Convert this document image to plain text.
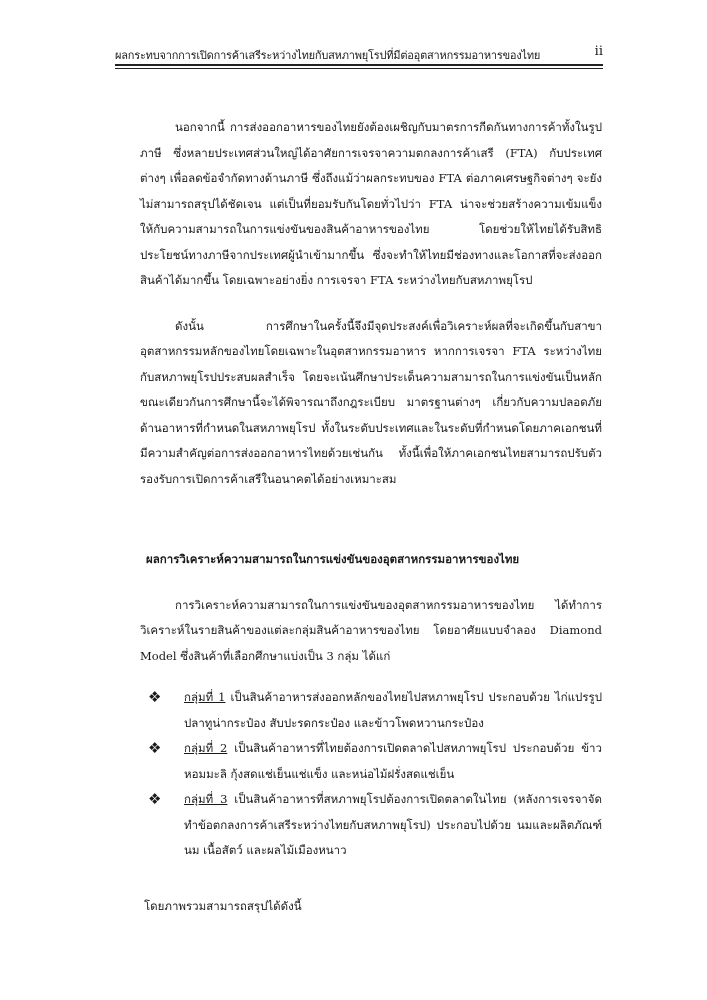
ผลกระทบจากการเปิดการค้าเสรีระหว่างไทยกับสหภาพยุโรปที่มีต่ออุตสาหกรรมอาหารของไทย	ii

นอกจากนี้ การส่งออกอาหารของไทยยังต้องเผชิญกับมาตรการกีดกันทางการค้าทั้งในรูปภาษี ซึ่งหลายประเทศส่วนใหญ่ได้อาศัยการเจรจาความตกลงการค้าเสรี (FTA) กับประเทศต่างๆ เพื่อลดข้อจำกัดทางด้านภาษี ซึ่งถึงแม้ว่าผลกระทบของ FTA ต่อภาคเศรษฐกิจต่างๆ จะยังไม่สามารถสรุปได้ชัดเจน แต่เป็นที่ยอมรับกันโดยทั่วไปว่า FTA น่าจะช่วยสร้างความเข้มแข็งให้กับความสามารถในการแข่งขันของสินค้าอาหารของไทย โดยช่วยให้ไทยได้รับสิทธิประโยชน์ทางภาษีจากประเทศผู้นำเข้ามากขึ้น ซึ่งจะทำให้ไทยมีช่องทางและโอกาสที่จะส่งออกสินค้าได้มากขึ้น โดยเฉพาะอย่างยิ่ง การเจรจา FTA ระหว่างไทยกับสหภาพยุโรป

ดังนั้น การศึกษาในครั้งนี้จึงมีจุดประสงค์เพื่อวิเคราะห์ผลที่จะเกิดขึ้นกับสาขาอุตสาหกรรมหลักของไทยโดยเฉพาะในอุตสาหกรรมอาหาร หากการเจรจา FTA ระหว่างไทยกับสหภาพยุโรปประสบผลสำเร็จ โดยจะเน้นศึกษาประเด็นความสามารถในการแข่งขันเป็นหลัก ขณะเดียวกันการศึกษานี้จะได้พิจารณาถึงกฎระเบียบ มาตรฐานต่างๆ เกี่ยวกับความปลอดภัยด้านอาหารที่กำหนดในสหภาพยุโรป ทั้งในระดับประเทศและในระดับที่กำหนดโดยภาคเอกชนที่มีความสำคัญต่อการส่งออกอาหารไทยด้วยเช่นกัน ทั้งนี้เพื่อให้ภาคเอกชนไทยสามารถปรับตัวรองรับการเปิดการค้าเสรีในอนาคตได้อย่างเหมาะสม

ผลการวิเคราะห์ความสามารถในการแข่งขันของอุตสาหกรรมอาหารของไทย

การวิเคราะห์ความสามารถในการแข่งขันของอุตสาหกรรมอาหารของไทย ได้ทำการวิเคราะห์ในรายสินค้าของแต่ละกลุ่มสินค้าอาหารของไทย โดยอาศัยแบบจำลอง Diamond Model ซึ่งสินค้าที่เลือกศึกษาแบ่งเป็น 3 กลุ่ม ได้แก่

❖ กลุ่มที่ 1 เป็นสินค้าอาหารส่งออกหลักของไทยไปสหภาพยุโรป ประกอบด้วย ไก่แปรรูป ปลาทูน่ากระป๋อง สับปะรดกระป๋อง และข้าวโพดหวานกระป๋อง
❖ กลุ่มที่ 2 เป็นสินค้าอาหารที่ไทยต้องการเปิดตลาดไปสหภาพยุโรป ประกอบด้วย ข้าวหอมมะลิ กุ้งสดแช่เย็นแช่แข็ง และหน่อไม้ฝรั่งสดแช่เย็น
❖ กลุ่มที่ 3 เป็นสินค้าอาหารที่สหภาพยุโรปต้องการเปิดตลาดในไทย (หลังการเจรจาจัดทำข้อตกลงการค้าเสรีระหว่างไทยกับสหภาพยุโรป) ประกอบไปด้วย นมและผลิตภัณฑ์นม เนื้อสัตว์ และผลไม้เมืองหนาว

โดยภาพรวมสามารถสรุปได้ดังนี้
